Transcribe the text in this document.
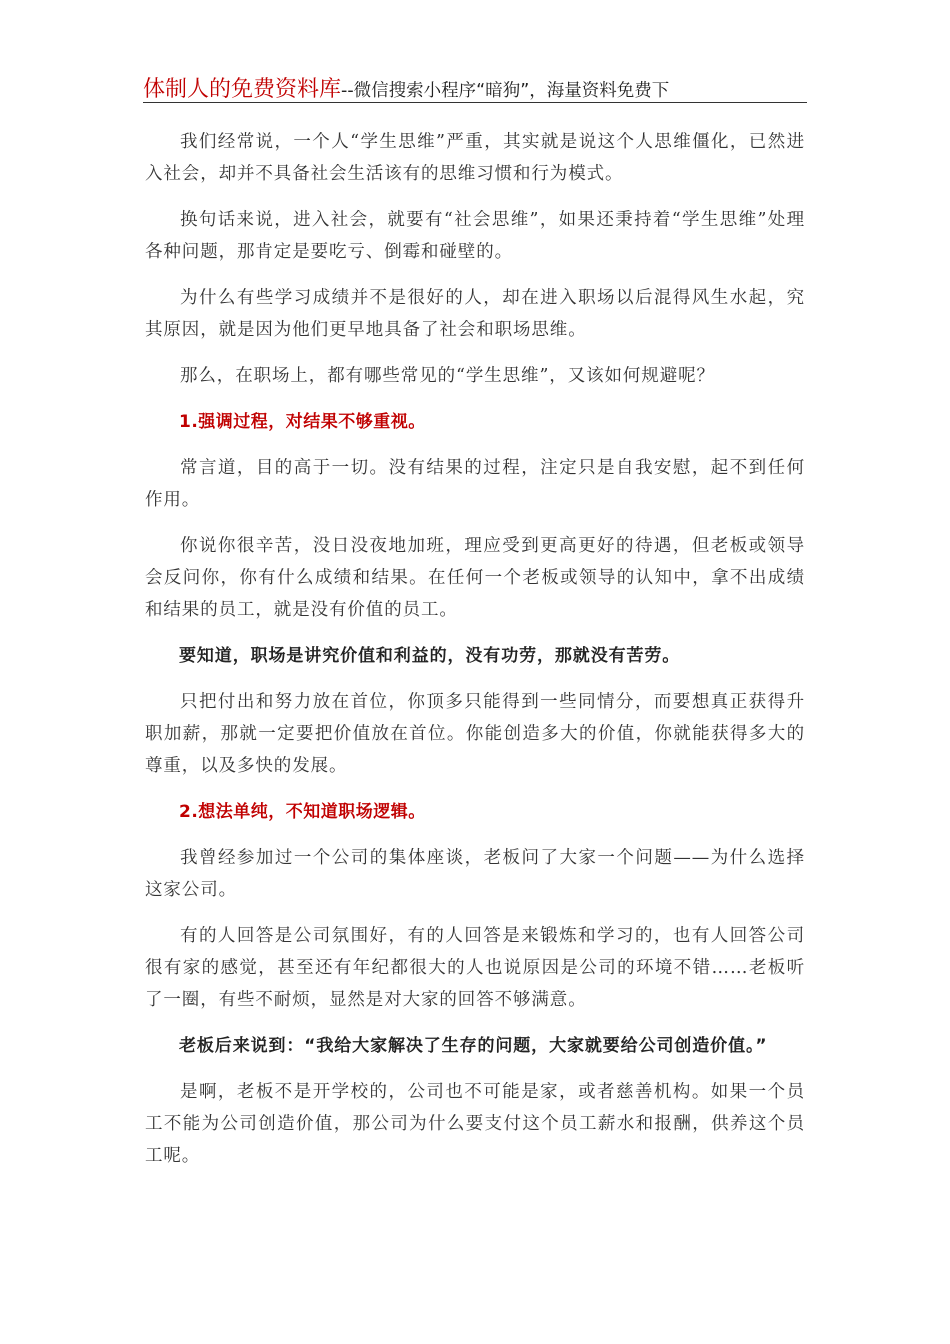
体制人的免费资料库--微信搜索小程序“暗狗”，海量资料免费下

我们经常说，一个人“学生思维”严重，其实就是说这个人思维僵化，已然进入社会，却并不具备社会生活该有的思维习惯和行为模式。

换句话来说，进入社会，就要有“社会思维”，如果还秉持着“学生思维”处理各种问题，那肯定是要吃亏、倒霉和碰壁的。

为什么有些学习成绩并不是很好的人，却在进入职场以后混得风生水起，究其原因，就是因为他们更早地具备了社会和职场思维。

那么，在职场上，都有哪些常见的“学生思维”，又该如何规避呢？

1.强调过程，对结果不够重视。

常言道，目的高于一切。没有结果的过程，注定只是自我安慰，起不到任何作用。

你说你很辛苦，没日没夜地加班，理应受到更高更好的待遇，但老板或领导会反问你，你有什么成绩和结果。在任何一个老板或领导的认知中，拿不出成绩和结果的员工，就是没有价值的员工。

要知道，职场是讲究价值和利益的，没有功劳，那就没有苦劳。

只把付出和努力放在首位，你顶多只能得到一些同情分，而要想真正获得升职加薪，那就一定要把价值放在首位。你能创造多大的价值，你就能获得多大的尊重，以及多快的发展。

2.想法单纯，不知道职场逻辑。

我曾经参加过一个公司的集体座谈，老板问了大家一个问题——为什么选择这家公司。

有的人回答是公司氛围好，有的人回答是来锻炼和学习的，也有人回答公司很有家的感觉，甚至还有年纪都很大的人也说原因是公司的环境不错……老板听了一圈，有些不耐烦，显然是对大家的回答不够满意。

老板后来说到：“我给大家解决了生存的问题，大家就要给公司创造价值。”

是啊，老板不是开学校的，公司也不可能是家，或者慈善机构。如果一个员工不能为公司创造价值，那公司为什么要支付这个员工薪水和报酬，供养这个员工呢。
